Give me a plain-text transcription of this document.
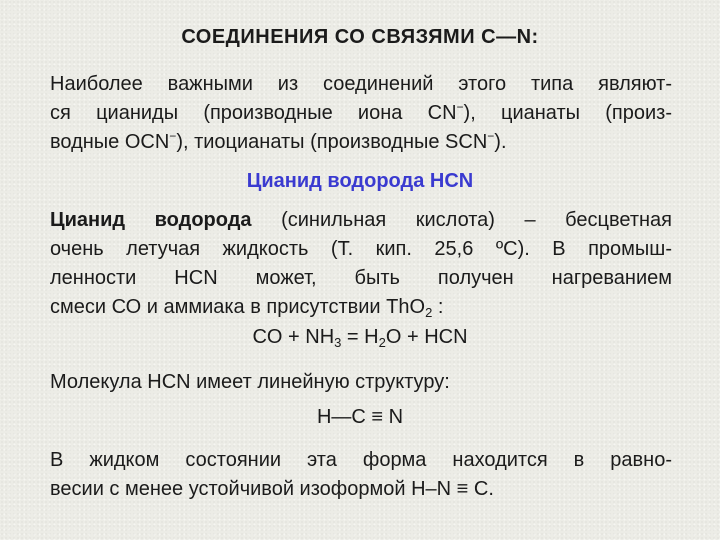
СОЕДИНЕНИЯ СО СВЯЗЯМИ С—N:
Наиболее важными из соединений этого типа являют-
ся цианиды (производные иона CN−), цианаты (произ-
водные OCN−), тиоцианаты (производные SCN−).
Цианид водорода HCN
Цианид водорода (синильная кислота) – бесцветная
очень летучая жидкость (Т. кип. 25,6 ºС). В промыш-
ленности HCN может, быть получен нагреванием
смеси СО и аммиака в присутствии ThO$_2$ :
CO + $NH_3 = H_2O$ + HCN
Молекула HCN имеет линейную структуру:
H—C ≡ N
В жидком состоянии эта форма находится в равно-
весии с менее устойчивой изоформой H–N ≡ C.
